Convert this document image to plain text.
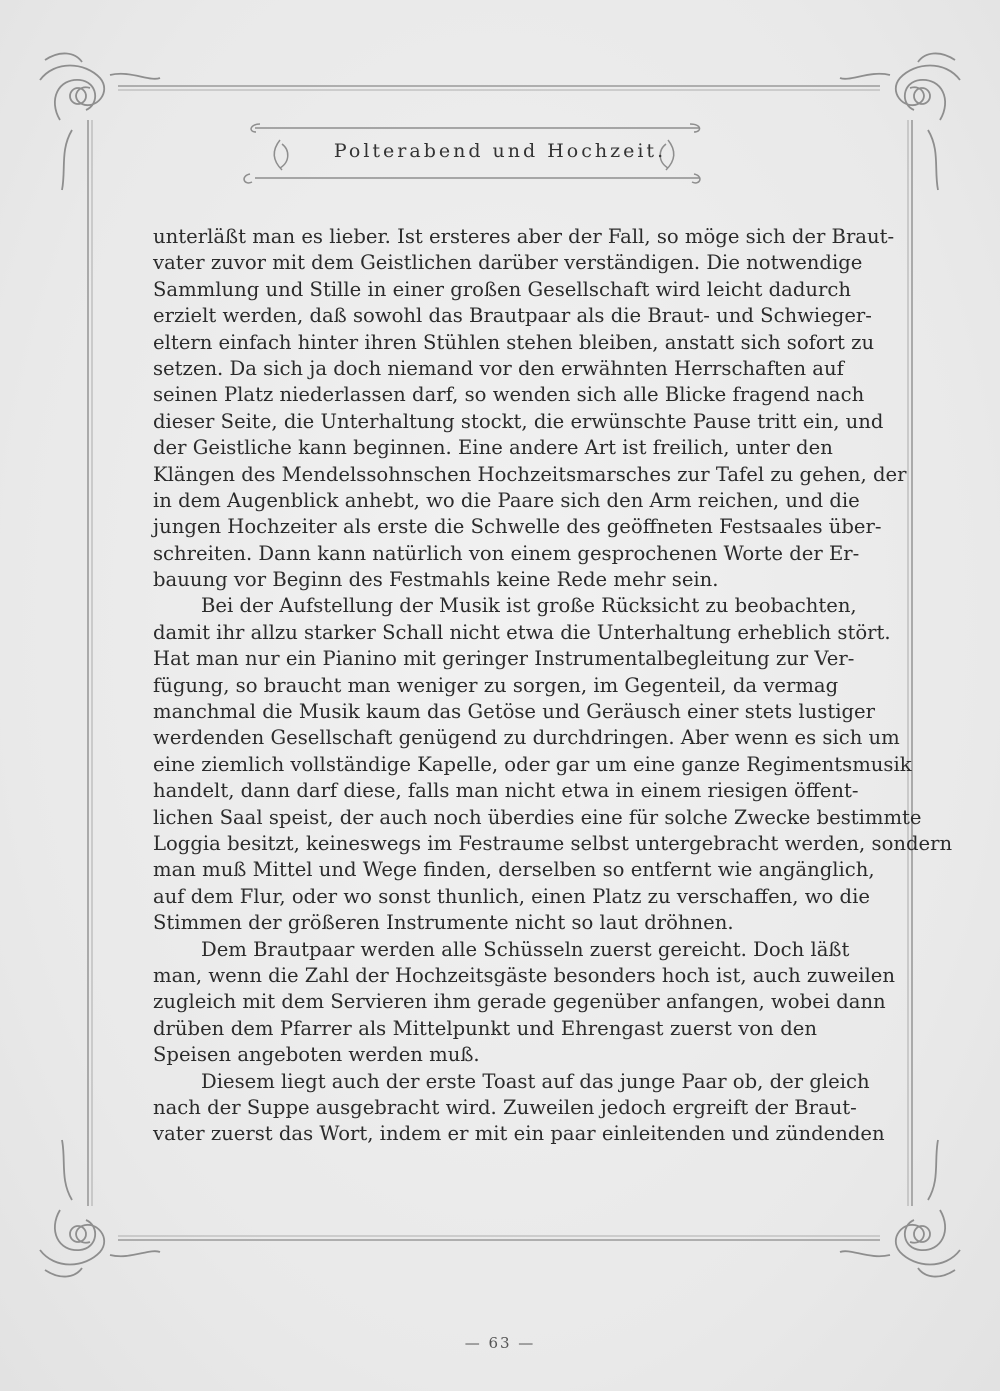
Polterabend und Hochzeit.
unterläßt man es lieber. Ist ersteres aber der Fall, so möge sich der Braut-
vater zuvor mit dem Geistlichen darüber verständigen. Die notwendige
Sammlung und Stille in einer großen Gesellschaft wird leicht dadurch
erzielt werden, daß sowohl das Brautpaar als die Braut- und Schwieger-
eltern einfach hinter ihren Stühlen stehen bleiben, anstatt sich sofort zu
setzen. Da sich ja doch niemand vor den erwähnten Herrschaften auf
seinen Platz niederlassen darf, so wenden sich alle Blicke fragend nach
dieser Seite, die Unterhaltung stockt, die erwünschte Pause tritt ein, und
der Geistliche kann beginnen. Eine andere Art ist freilich, unter den
Klängen des Mendelssohnschen Hochzeitsmarsches zur Tafel zu gehen, der
in dem Augenblick anhebt, wo die Paare sich den Arm reichen, und die
jungen Hochzeiter als erste die Schwelle des geöffneten Festsaales über-
schreiten. Dann kann natürlich von einem gesprochenen Worte der Er-
bauung vor Beginn des Festmahls keine Rede mehr sein.
Bei der Aufstellung der Musik ist große Rücksicht zu beobachten,
damit ihr allzu starker Schall nicht etwa die Unterhaltung erheblich stört.
Hat man nur ein Pianino mit geringer Instrumentalbegleitung zur Ver-
fügung, so braucht man weniger zu sorgen, im Gegenteil, da vermag
manchmal die Musik kaum das Getöse und Geräusch einer stets lustiger
werdenden Gesellschaft genügend zu durchdringen. Aber wenn es sich um
eine ziemlich vollständige Kapelle, oder gar um eine ganze Regimentsmusik
handelt, dann darf diese, falls man nicht etwa in einem riesigen öffent-
lichen Saal speist, der auch noch überdies eine für solche Zwecke bestimmte
Loggia besitzt, keineswegs im Festraume selbst untergebracht werden, sondern
man muß Mittel und Wege finden, derselben so entfernt wie angänglich,
auf dem Flur, oder wo sonst thunlich, einen Platz zu verschaffen, wo die
Stimmen der größeren Instrumente nicht so laut dröhnen.
Dem Brautpaar werden alle Schüsseln zuerst gereicht. Doch läßt
man, wenn die Zahl der Hochzeitsgäste besonders hoch ist, auch zuweilen
zugleich mit dem Servieren ihm gerade gegenüber anfangen, wobei dann
drüben dem Pfarrer als Mittelpunkt und Ehrengast zuerst von den
Speisen angeboten werden muß.
Diesem liegt auch der erste Toast auf das junge Paar ob, der gleich
nach der Suppe ausgebracht wird. Zuweilen jedoch ergreift der Braut-
vater zuerst das Wort, indem er mit ein paar einleitenden und zündenden
— 63 —
